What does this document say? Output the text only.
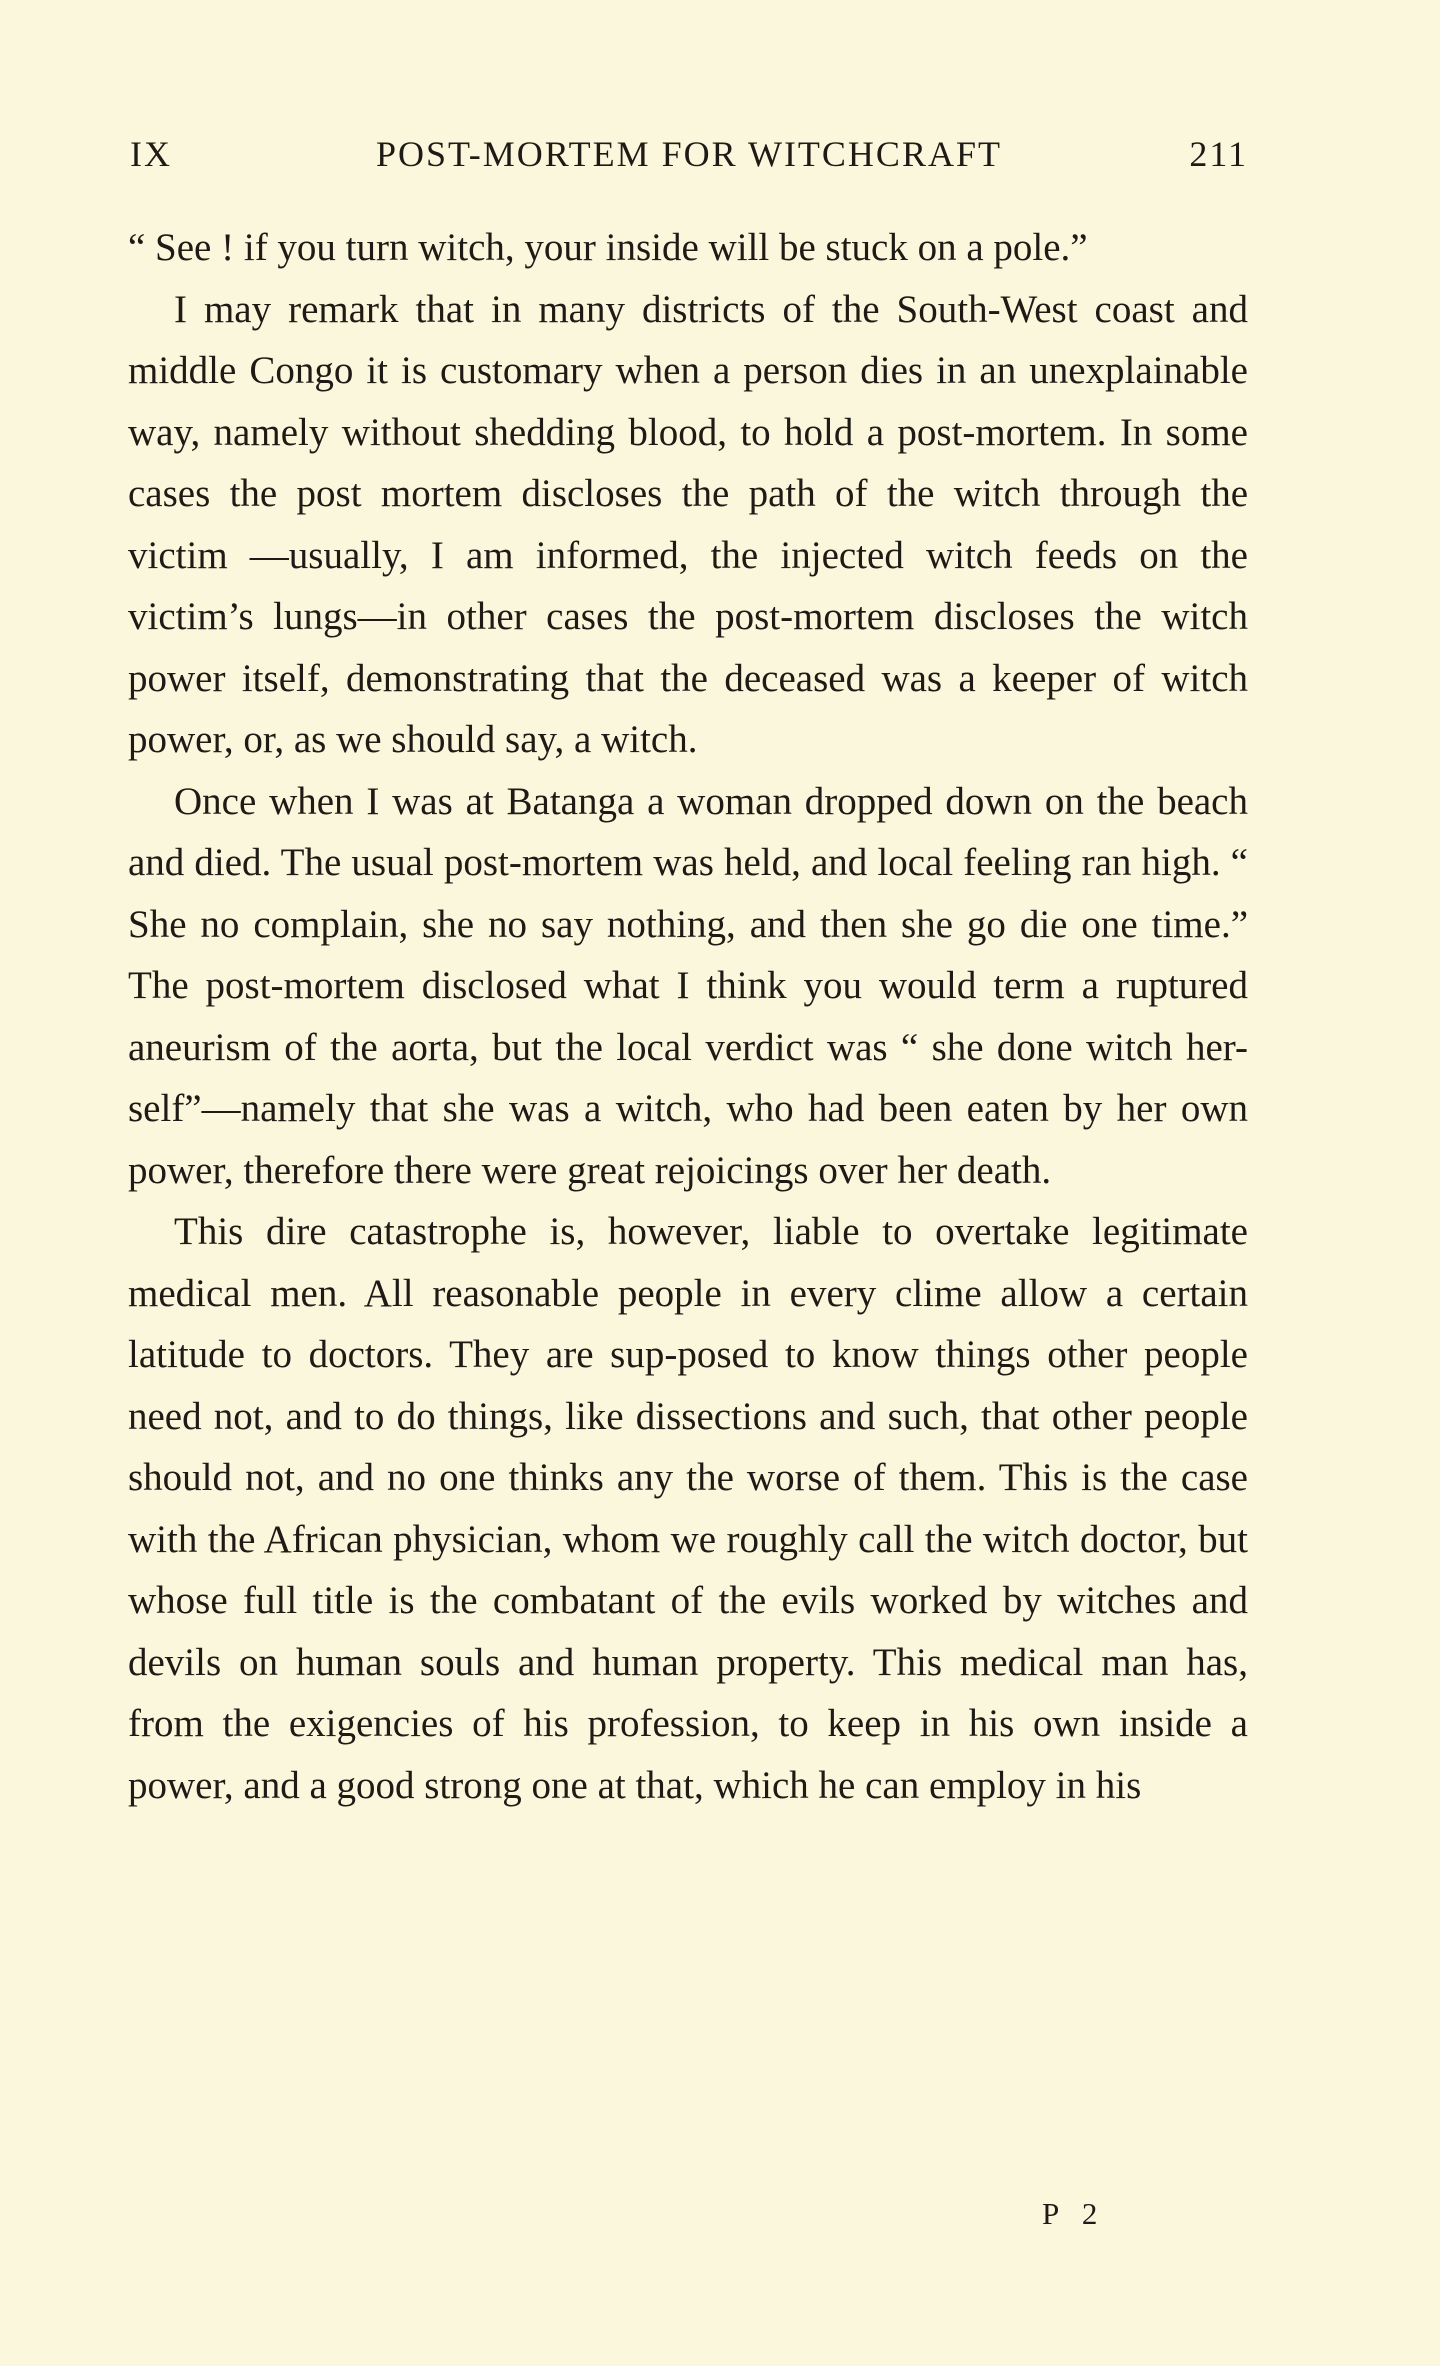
IX	POST-MORTEM FOR WITCHCRAFT	211

“ See ! if you turn witch, your inside will be stuck on a pole.”

I may remark that in many districts of the South-West coast and middle Congo it is customary when a person dies in an unexplainable way, namely without shedding blood, to hold a post-mortem. In some cases the post mortem discloses the path of the witch through the victim —usually, I am informed, the injected witch feeds on the victim’s lungs—in other cases the post-mortem discloses the witch power itself, demonstrating that the deceased was a keeper of witch power, or, as we should say, a witch.

Once when I was at Batanga a woman dropped down on the beach and died. The usual post-mortem was held, and local feeling ran high. “ She no complain, she no say nothing, and then she go die one time.” The post-mortem disclosed what I think you would term a ruptured aneurism of the aorta, but the local verdict was “ she done witch her-self”—namely that she was a witch, who had been eaten by her own power, therefore there were great rejoicings over her death.

This dire catastrophe is, however, liable to overtake legitimate medical men. All reasonable people in every clime allow a certain latitude to doctors. They are sup-posed to know things other people need not, and to do things, like dissections and such, that other people should not, and no one thinks any the worse of them. This is the case with the African physician, whom we roughly call the witch doctor, but whose full title is the combatant of the evils worked by witches and devils on human souls and human property. This medical man has, from the exigencies of his profession, to keep in his own inside a power, and a good strong one at that, which he can employ in his

P 2
